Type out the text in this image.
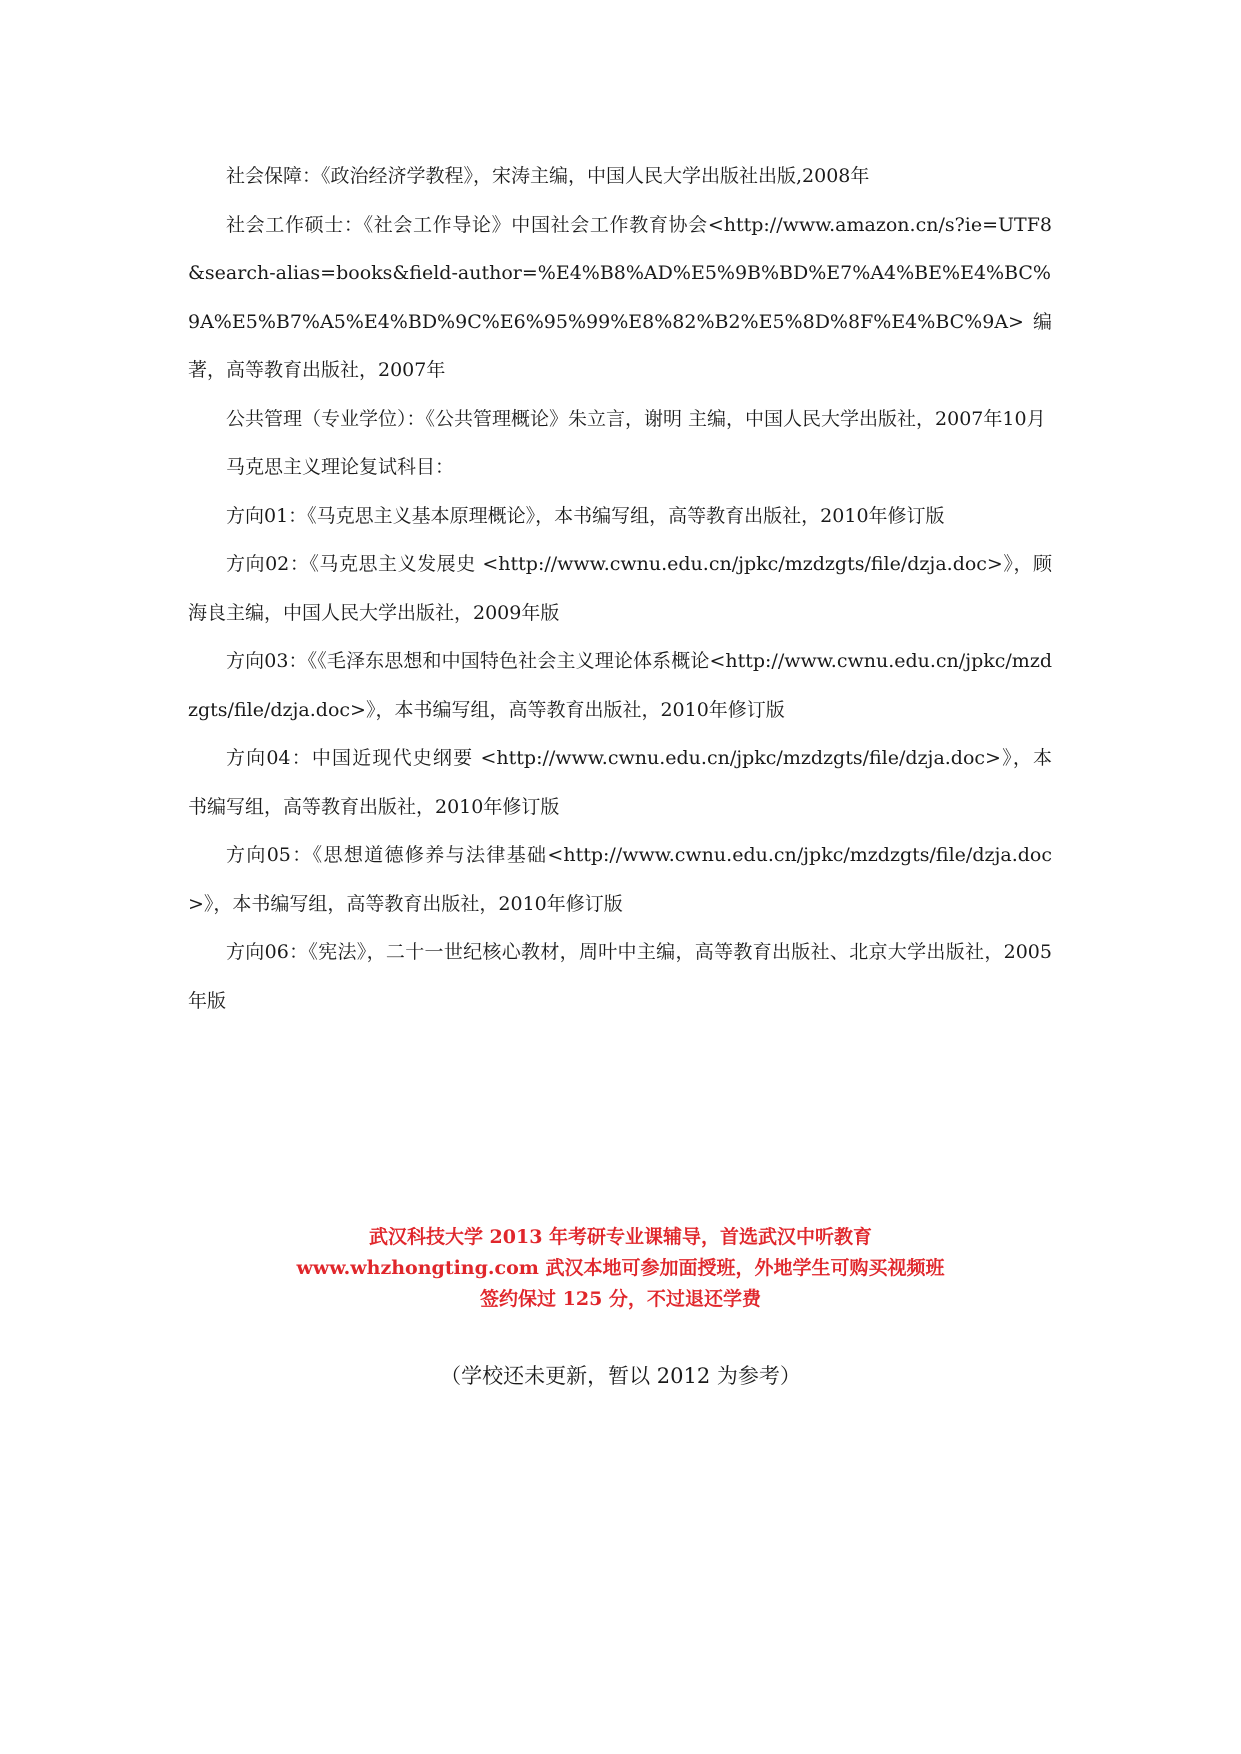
社会保障：《政治经济学教程》，宋涛主编，中国人民大学出版社出版,2008年

社会工作硕士：《社会工作导论》中国社会工作教育协会<http://www.amazon.cn/s?ie=UTF8&search-alias=books&field-author=%E4%B8%AD%E5%9B%BD%E7%A4%BE%E4%BC%9A%E5%B7%A5%E4%BD%9C%E6%95%99%E8%82%B2%E5%8D%8F%E4%BC%9A>编著，高等教育出版社，2007年

公共管理（专业学位）：《公共管理概论》朱立言，谢明 主编，中国人民大学出版社，2007年10月

马克思主义理论复试科目：

方向01：《马克思主义基本原理概论》，本书编写组，高等教育出版社，2010年修订版

方向02：《马克思主义发展史 <http://www.cwnu.edu.cn/jpkc/mzdzgts/file/dzja.doc>》，顾海良主编，中国人民大学出版社，2009年版

方向03：《《毛泽东思想和中国特色社会主义理论体系概论<http://www.cwnu.edu.cn/jpkc/mzdzgts/file/dzja.doc>》，本书编写组，高等教育出版社，2010年修订版

方向04：中国近现代史纲要 <http://www.cwnu.edu.cn/jpkc/mzdzgts/file/dzja.doc>》，本书编写组，高等教育出版社，2010年修订版

方向05：《思想道德修养与法律基础<http://www.cwnu.edu.cn/jpkc/mzdzgts/file/dzja.doc>》，本书编写组，高等教育出版社，2010年修订版

方向06：《宪法》，二十一世纪核心教材，周叶中主编，高等教育出版社、北京大学出版社，2005年版

武汉科技大学 2013 年考研专业课辅导，首选武汉中听教育
www.whzhongting.com 武汉本地可参加面授班，外地学生可购买视频班
签约保过 125 分，不过退还学费
（学校还未更新，暂以 2012 为参考）
